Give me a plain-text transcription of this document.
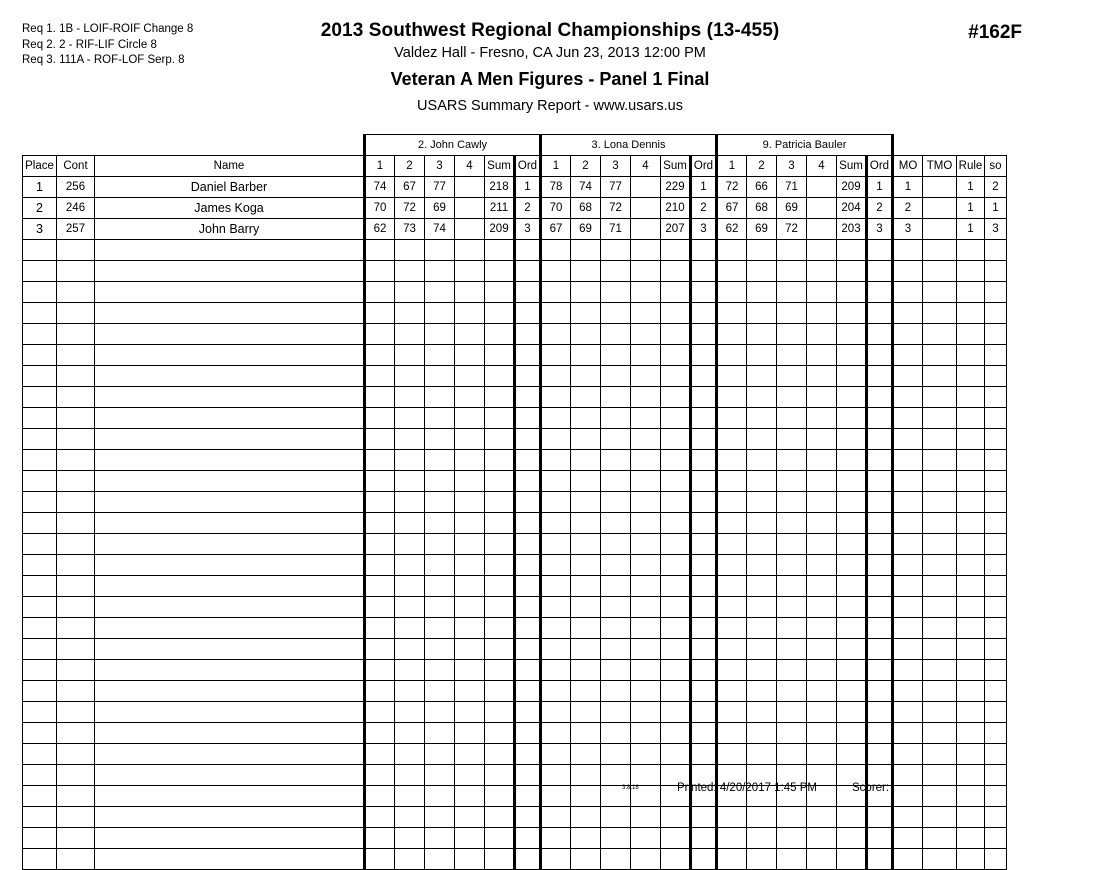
Req 1. 1B - LOIF-ROIF Change 8
Req 2. 2 - RIF-LIF Circle 8
Req 3. 111A - ROF-LOF Serp. 8
2013 Southwest Regional Championships (13-455)
Valdez Hall - Fresno, CA Jun 23, 2013 12:00 PM
Veteran A Men Figures - Panel 1 Final
USARS Summary Report - www.usars.us
#162F
			2. John Cawly						3. Lona Dennis						9. Patricia Bauler									
Place	Cont	Name	1	2	3	4	Sum	Ord	1	2	3	4	Sum	Ord	1	2	3	4	Sum	Ord	MO	TMO	Rule	so
1	256	Daniel Barber	74	67	77		218	1	78	74	77		229	1	72	66	71		209	1	1		1	2
2	246	James Koga	70	72	69		211	2	70	68	72		210	2	67	68	69		204	2	2		1	1
3	257	John Barry	62	73	74		209	3	67	69	71		207	3	62	69	72		203	3	3		1	3

3.8.18	Printed: 4/20/2017 1:45 PM	Scorer:
